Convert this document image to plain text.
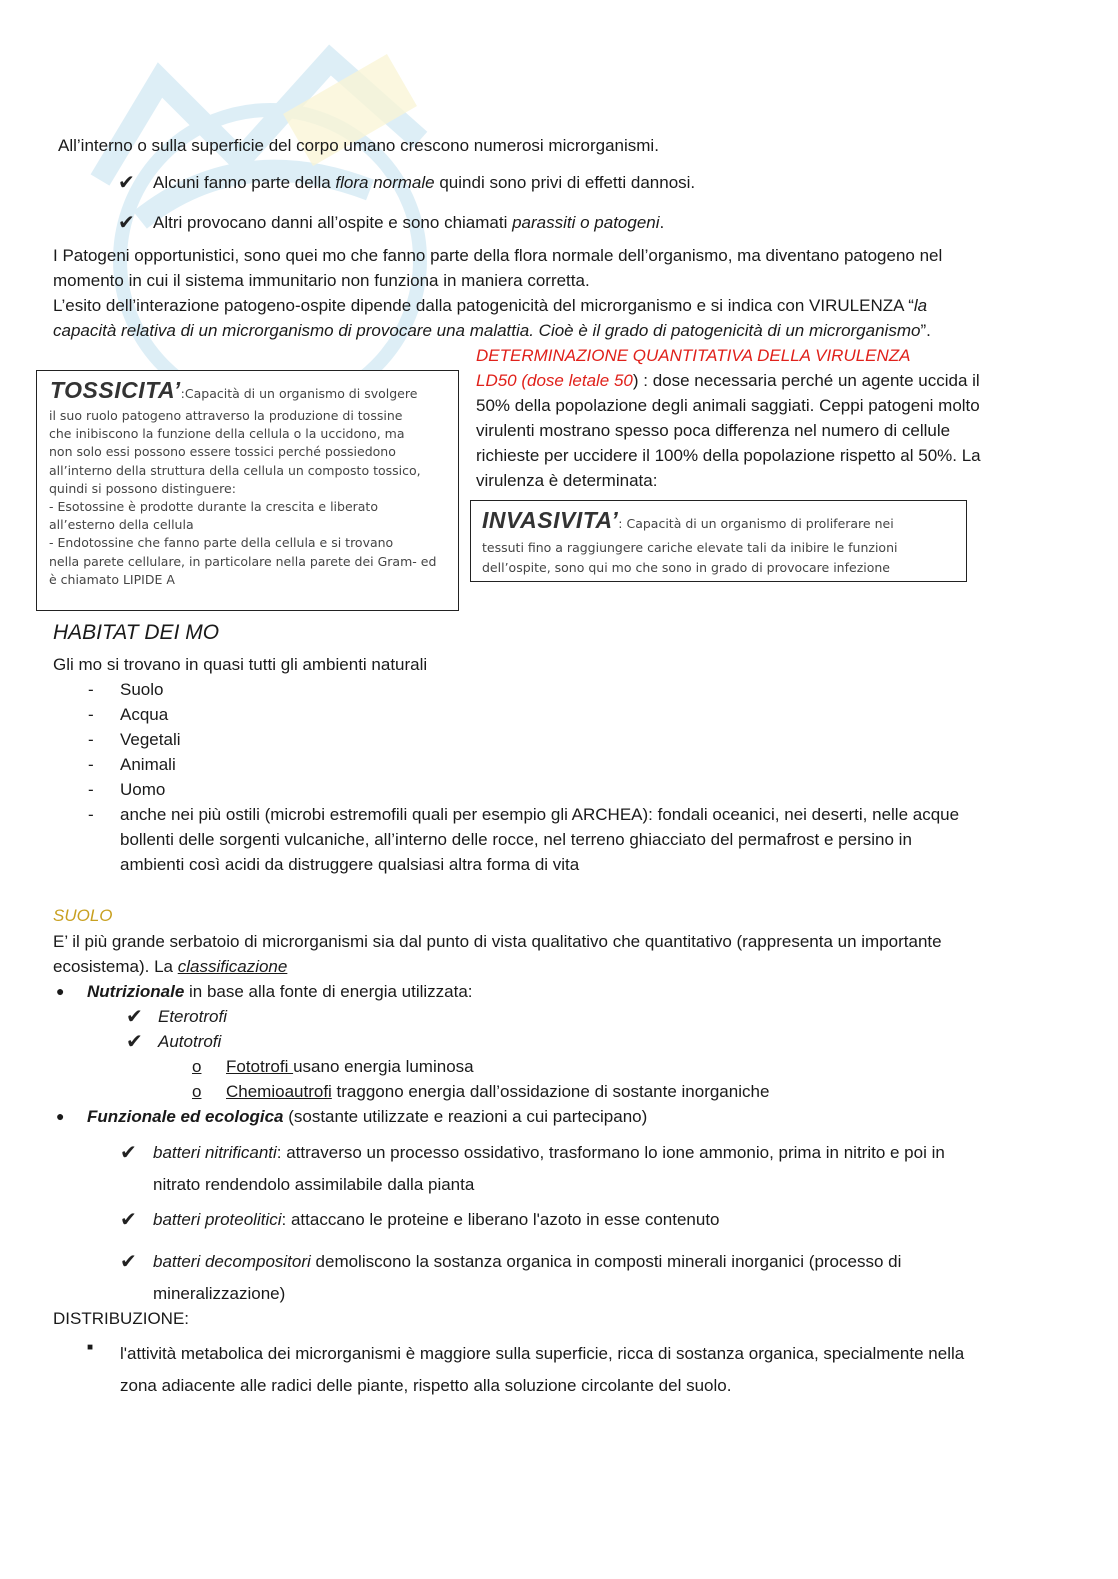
All’interno o sulla superficie del corpo umano crescono numerosi microrganismi.
✔ Alcuni fanno parte della flora normale quindi sono privi di effetti dannosi.
✔ Altri provocano danni all’ospite e sono chiamati parassiti o patogeni.
I Patogeni opportunistici, sono quei mo che fanno parte della flora normale dell’organismo, ma diventano patogeno nel
momento in cui il sistema immunitario non funziona in maniera corretta.
L’esito dell’interazione patogeno-ospite dipende dalla patogenicità del microrganismo e si indica con VIRULENZA “la
capacità relativa di un microrganismo di provocare una malattia. Cioè è il grado di patogenicità di un microrganismo”.
DETERMINAZIONE QUANTITATIVA DELLA VIRULENZA
LD50 (dose letale 50) : dose necessaria perché un agente uccida il
50% della popolazione degli animali saggiati. Ceppi patogeni molto
virulenti mostrano spesso poca differenza nel numero di cellule
richieste per uccidere il 100% della popolazione rispetto al 50%. La
virulenza è determinata:
TOSSICITA’:Capacità di un organismo di svolgere
il suo ruolo patogeno attraverso la produzione di tossine
che inibiscono la funzione della cellula o la uccidono, ma
non solo essi possono essere tossici perché possiedono
all’interno della struttura della cellula un composto tossico,
quindi si possono distinguere:
- Esotossine è prodotte durante la crescita e liberato
all’esterno della cellula
- Endotossine che fanno parte della cellula e si trovano
nella parete cellulare, in particolare nella parete dei Gram- ed
è chiamato LIPIDE A
INVASIVITA’: Capacità di un organismo di proliferare nei
tessuti fino a raggiungere cariche elevate tali da inibire le funzioni
dell’ospite, sono qui mo che sono in grado di provocare infezione
HABITAT DEI MO
Gli mo si trovano in quasi tutti gli ambienti naturali
- Suolo
- Acqua
- Vegetali
- Animali
- Uomo
- anche nei più ostili (microbi estremofili quali per esempio gli ARCHEA): fondali oceanici, nei deserti, nelle acque
bollenti delle sorgenti vulcaniche, all’interno delle rocce, nel terreno ghiacciato del permafrost e persino in
ambienti così acidi da distruggere qualsiasi altra forma di vita
SUOLO
E’ il più grande serbatoio di microrganismi sia dal punto di vista qualitativo che quantitativo (rappresenta un importante
ecosistema). La classificazione
● Nutrizionale in base alla fonte di energia utilizzata:
✔ Eterotrofi
✔ Autotrofi
o Fototrofi usano energia luminosa
o Chemioautrofi traggono energia dall’ossidazione di sostante inorganiche
● Funzionale ed ecologica (sostante utilizzate e reazioni a cui partecipano)
✔ batteri nitrificanti: attraverso un processo ossidativo, trasformano lo ione ammonio, prima in nitrito e poi in
nitrato rendendolo assimilabile dalla pianta
✔ batteri proteolitici: attaccano le proteine e liberano l'azoto in esse contenuto
✔ batteri decompositori demoliscono la sostanza organica in composti minerali inorganici (processo di
mineralizzazione)
DISTRIBUZIONE:
■ l'attività metabolica dei microrganismi è maggiore sulla superficie, ricca di sostanza organica, specialmente nella
zona adiacente alle radici delle piante, rispetto alla soluzione circolante del suolo.
